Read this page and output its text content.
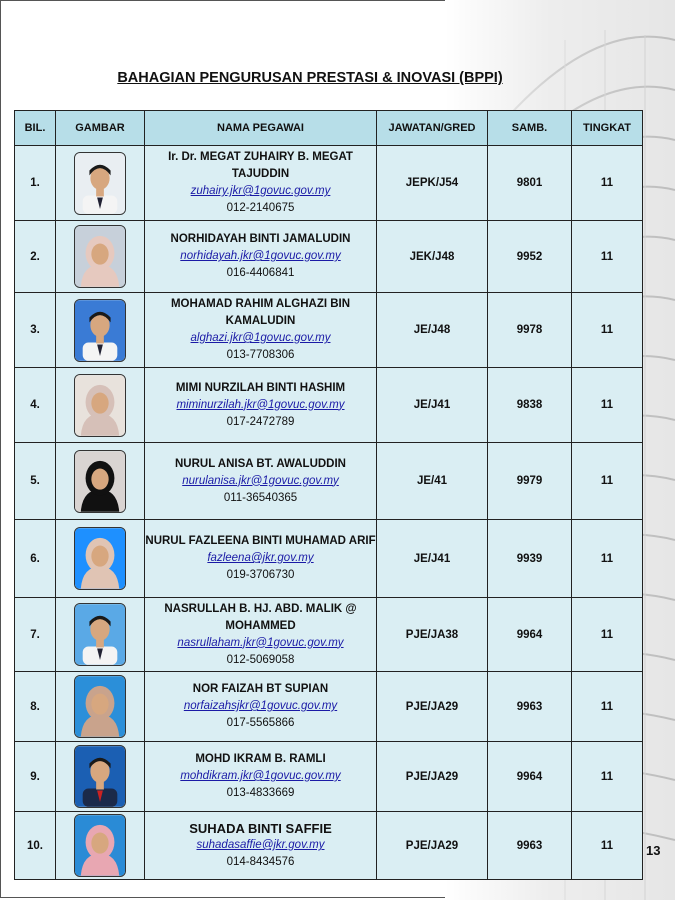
BAHAGIAN PENGURUSAN PRESTASI & INOVASI (BPPI)
BIL.	GAMBAR	NAMA PEGAWAI	JAWATAN/GRED	SAMB.	TINGKAT
1.		Ir. Dr. MEGAT ZUHAIRY B. MEGAT TAJUDDIN
zuhairy.jkr@1govuc.gov.my
012-2140675	JEPK/J54	9801	11
2.		NORHIDAYAH BINTI JAMALUDIN
norhidayah.jkr@1govuc.gov.my
016-4406841	JEK/J48	9952	11
3.		MOHAMAD RAHIM ALGHAZI BIN KAMALUDIN
alghazi.jkr@1govuc.gov.my
013-7708306	JE/J48	9978	11
4.		MIMI NURZILAH BINTI HASHIM
miminurzilah.jkr@1govuc.gov.my
017-2472789	JE/J41	9838	11
5.		NURUL ANISA BT. AWALUDDIN
nurulanisa.jkr@1govuc.gov.my
011-36540365	JE/41	9979	11
6.		NURUL FAZLEENA BINTI MUHAMAD ARIF
fazleena@jkr.gov.my
019-3706730	JE/J41	9939	11
7.		NASRULLAH B. HJ. ABD. MALIK @ MOHAMMED
nasrullaham.jkr@1govuc.gov.my
012-5069058	PJE/JA38	9964	11
8.		NOR FAIZAH BT SUPIAN
norfaizahsjkr@1govuc.gov.my
017-5565866	PJE/JA29	9963	11
9.		MOHD IKRAM B. RAMLI
mohdikram.jkr@1govuc.gov.my
013-4833669	PJE/JA29	9964	11
10.		SUHADA BINTI SAFFIE
suhadasaffie@jkr.gov.my
014-8434576	PJE/JA29	9963	11	13
